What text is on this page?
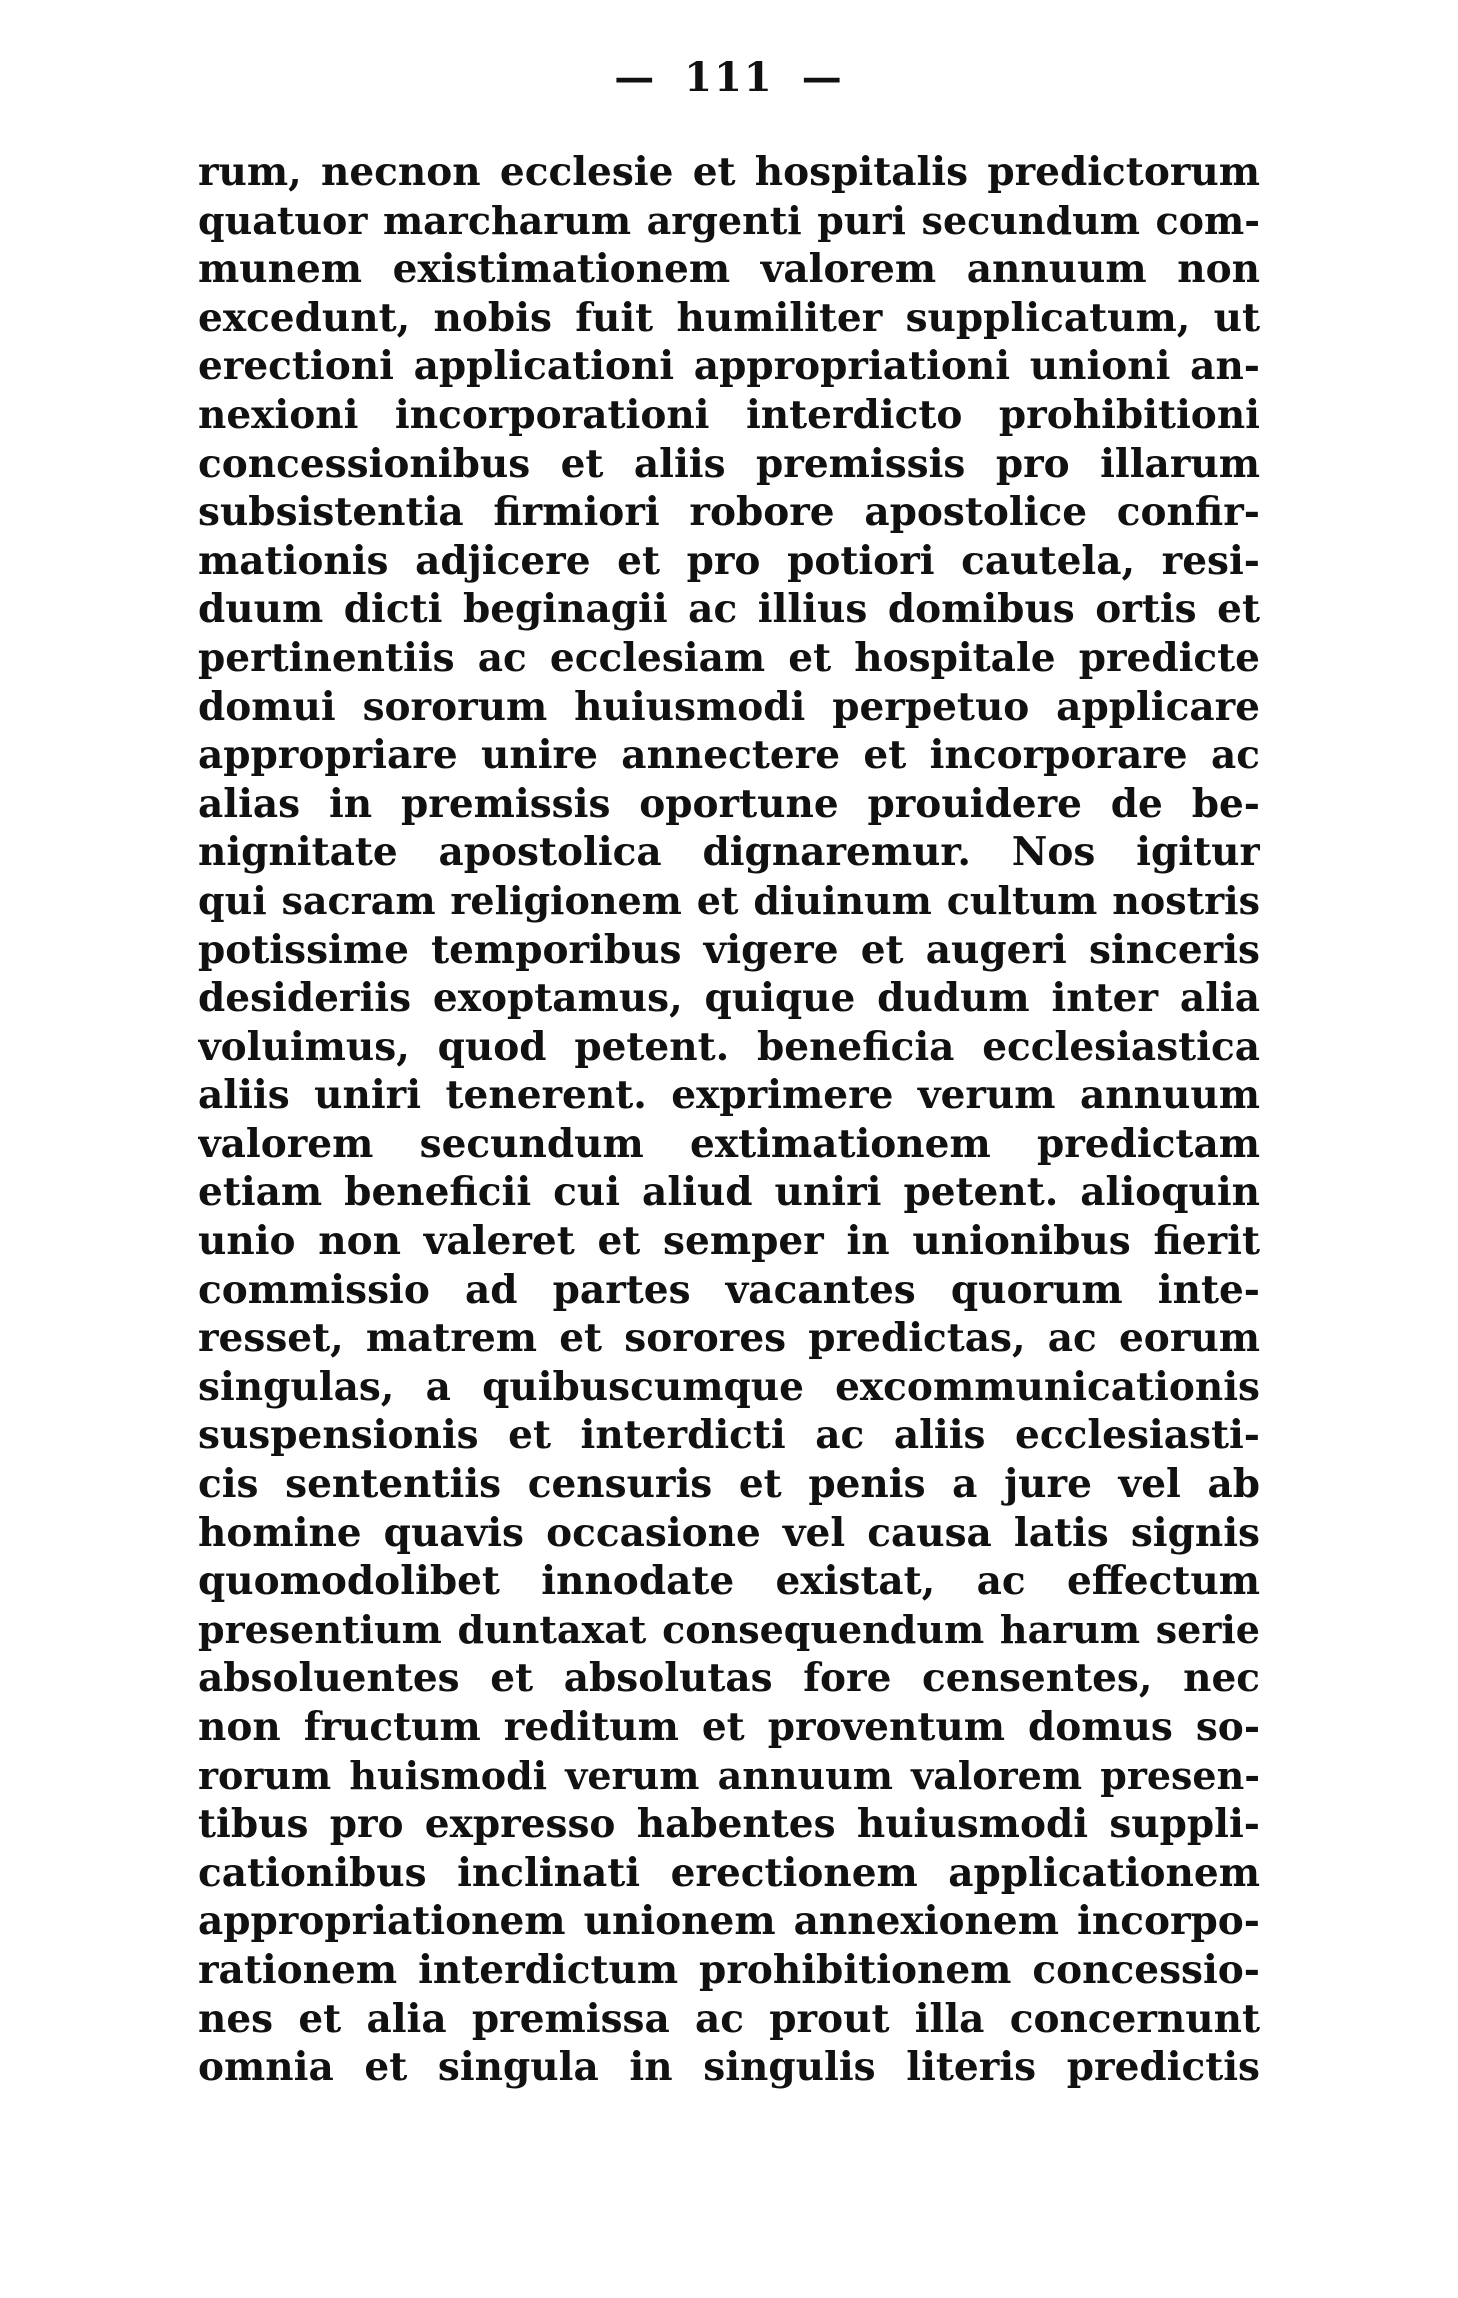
— 111 —
rum, necnon ecclesie et hospitalis predictorum
quatuor marcharum argenti puri secundum com-
munem existimationem valorem annuum non
excedunt, nobis fuit humiliter supplicatum, ut
erectioni applicationi appropriationi unioni an-
nexioni incorporationi interdicto prohibitioni
concessionibus et aliis premissis pro illarum
subsistentia firmiori robore apostolice confir-
mationis adjicere et pro potiori cautela, resi-
duum dicti beginagii ac illius domibus ortis et
pertinentiis ac ecclesiam et hospitale predicte
domui sororum huiusmodi perpetuo applicare
appropriare unire annectere et incorporare ac
alias in premissis oportune prouidere de be-
nignitate apostolica dignaremur. Nos igitur
qui sacram religionem et diuinum cultum nostris
potissime temporibus vigere et augeri sinceris
desideriis exoptamus, quique dudum inter alia
voluimus, quod petent. beneficia ecclesiastica
aliis uniri tenerent. exprimere verum annuum
valorem secundum extimationem predictam
etiam beneficii cui aliud uniri petent. alioquin
unio non valeret et semper in unionibus fierit
commissio ad partes vacantes quorum inte-
resset, matrem et sorores predictas, ac eorum
singulas, a quibuscumque excommunicationis
suspensionis et interdicti ac aliis ecclesiasti-
cis sententiis censuris et penis a jure vel ab
homine quavis occasione vel causa latis signis
quomodolibet innodate existat, ac effectum
presentium duntaxat consequendum harum serie
absoluentes et absolutas fore censentes, nec
non fructum reditum et proventum domus so-
rorum huismodi verum annuum valorem presen-
tibus pro expresso habentes huiusmodi suppli-
cationibus inclinati erectionem applicationem
appropriationem unionem annexionem incorpo-
rationem interdictum prohibitionem concessio-
nes et alia premissa ac prout illa concernunt
omnia et singula in singulis literis predictis
